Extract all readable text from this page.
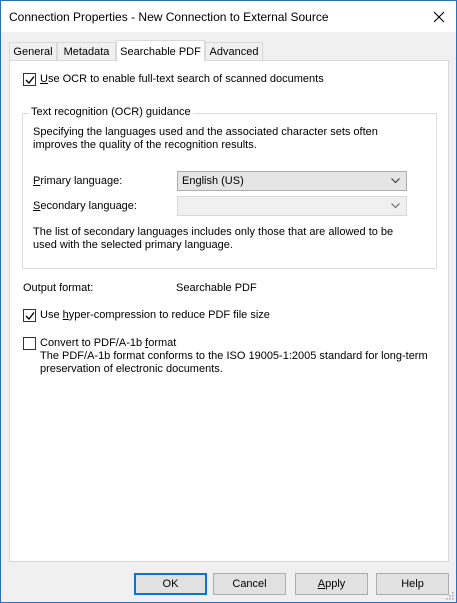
Connection Properties - New Connection to External Source
General Metadata Searchable PDF Advanced
Use OCR to enable full-text search of scanned documents
Text recognition (OCR) guidance
Specifying the languages used and the associated character sets often
improves the quality of the recognition results.
Primary language:	English (US)
Secondary language:
The list of secondary languages includes only those that are allowed to be
used with the selected primary language.
Output format:	Searchable PDF
Use hyper-compression to reduce PDF file size
Convert to PDF/A-1b format
The PDF/A-1b format conforms to the ISO 19005-1:2005 standard for long-term
preservation of electronic documents.
OK	Cancel	Apply	Help
